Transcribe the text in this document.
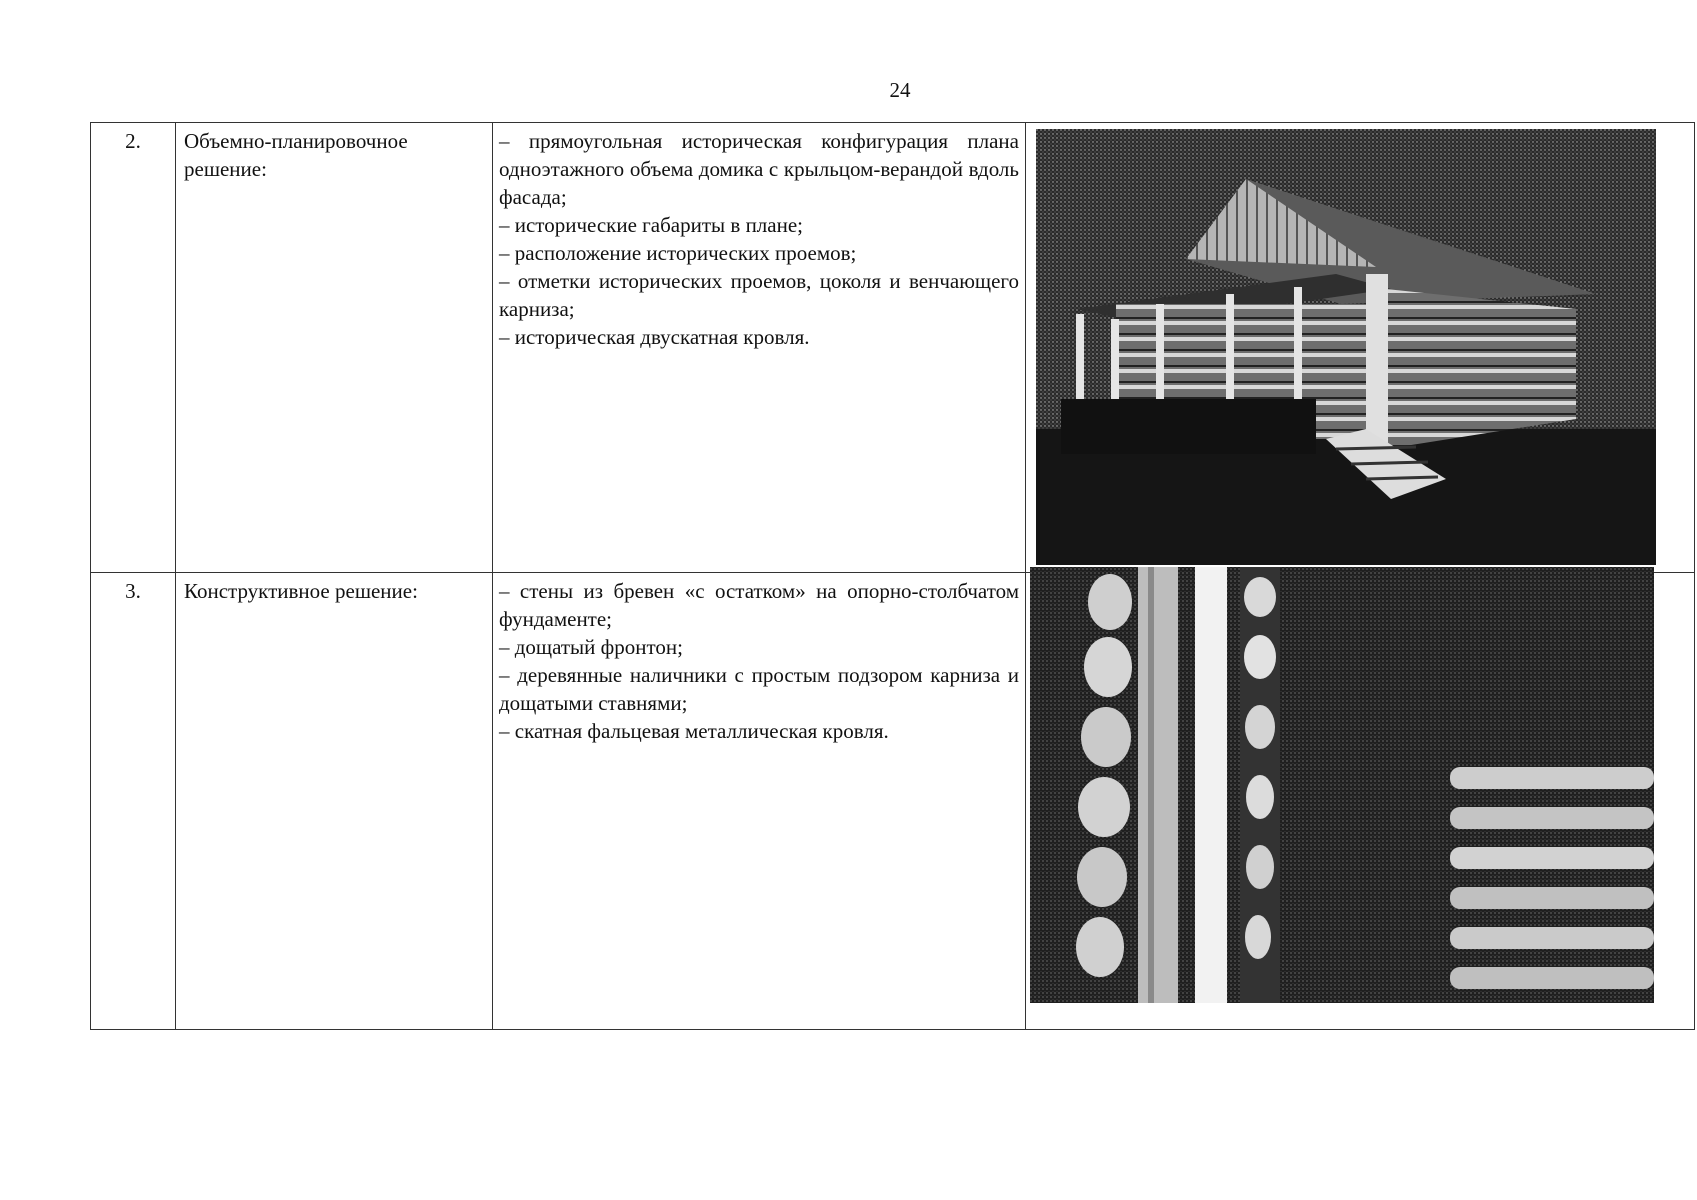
24
2.	Объемно-планировочное решение:	– прямоугольная историческая конфигурация плана одноэтажного объема домика с крыльцом-верандой вдоль фасада;
– исторические габариты в плане;
– расположение исторических проемов;
– отметки исторических проемов, цоколя и венчающего карниза;
– историческая двускатная кровля.

3.	Конструктивное решение:	– стены из бревен «с остатком» на опорно-столбчатом фундаменте;
– дощатый фронтон;
– деревянные наличники с простым подзором карниза и дощатыми ставнями;
– скатная фальцевая металлическая кровля.	
